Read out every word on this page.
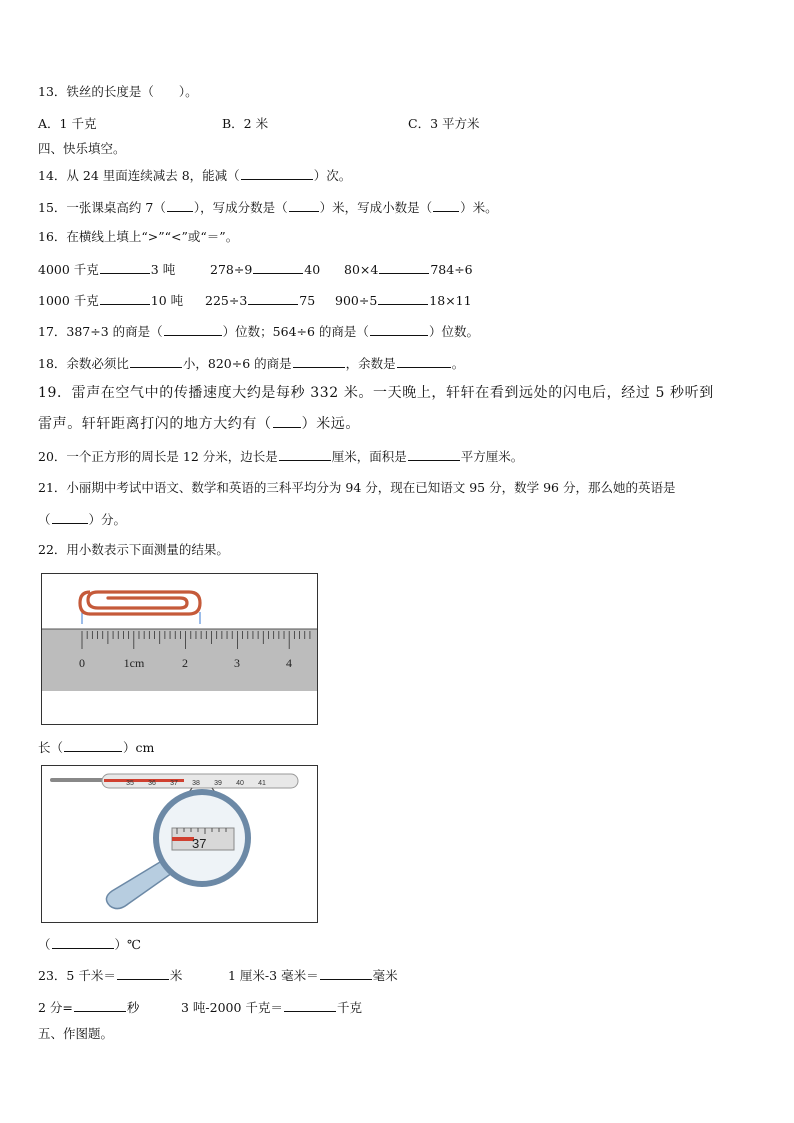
13．铁丝的长度是（　　）。
A．1 千克	B．2 米	C．3 平方米
四、快乐填空。
14．从 24 里面连续减去 8，能减（	）次。
15．一张课桌高约 7（ ），写成分数是（	）米，写成小数是（ ）米。
16．在横线上填上“>”“<”或“＝”。
4000 千克	3 吨	278÷9	40 80×4	784÷6
1000 千克	10 吨 225÷3	75 900÷5	18×11
17．387÷3 的商是（	）位数；564÷6 的商是（	）位数。
18．余数必须比	小，820÷6 的商是	，余数是	。
19．雷声在空气中的传播速度大约是每秒 332 米。一天晚上，轩轩在看到远处的闪电后，经过 5 秒听到
雷声。轩轩距离打闪的地方大约有（ ）米远。
20．一个正方形的周长是 12 分米，边长是	厘米，面积是	平方厘米。
21．小丽期中考试中语文、数学和英语的三科平均分为 94 分，现在已知语文 95 分，数学 96 分，那么她的英语是
（	）分。
22．用小数表示下面测量的结果。
0	1cm	2	3	4
长（	）cm
35 36 37 38 39 40 41
37
（	）℃
23．5 千米＝	米	1 厘米-3 毫米＝	毫米
2 分=	秒	3 吨-2000 千克＝	千克
五、作图题。
